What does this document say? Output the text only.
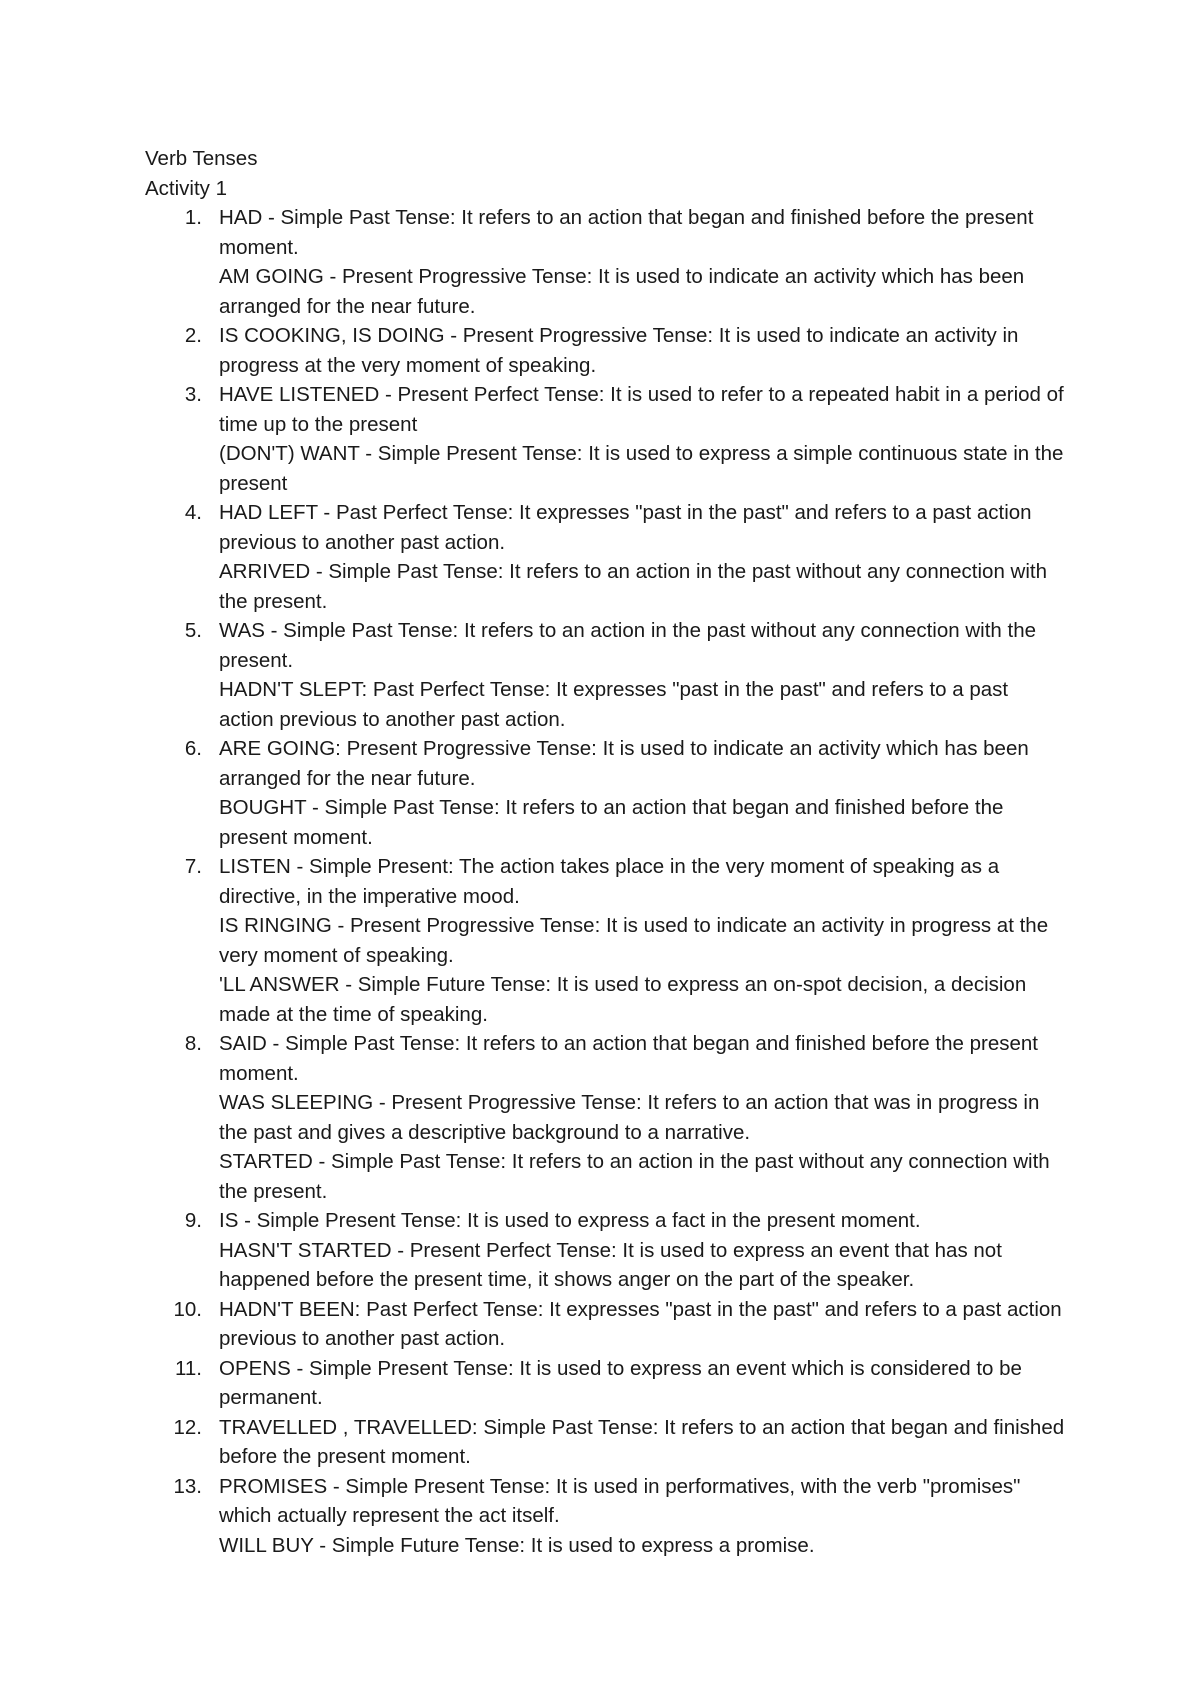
Verb Tenses
Activity 1
1. HAD - Simple Past Tense: It refers to an action that began and finished before the present moment.
AM GOING - Present Progressive Tense: It is used to indicate an activity which has been arranged for the near future.
2. IS COOKING, IS DOING - Present Progressive Tense: It is used to indicate an activity in progress at the very moment of speaking.
3. HAVE LISTENED - Present Perfect Tense: It is used to refer to a repeated habit in a period of time up to the present
(DON'T) WANT - Simple Present Tense: It is used to express a simple continuous state in the present
4. HAD LEFT - Past Perfect Tense: It expresses "past in the past" and refers to a past action previous to another past action.
ARRIVED - Simple Past Tense: It refers to an action in the past without any connection with the present.
5. WAS - Simple Past Tense: It refers to an action in the past without any connection with the present.
HADN'T SLEPT: Past Perfect Tense: It expresses "past in the past" and refers to a past action previous to another past action.
6. ARE GOING: Present Progressive Tense: It is used to indicate an activity which has been arranged for the near future.
BOUGHT - Simple Past Tense: It refers to an action that began and finished before the present moment.
7. LISTEN - Simple Present: The action takes place in the very moment of speaking as a directive, in the imperative mood.
IS RINGING - Present Progressive Tense: It is used to indicate an activity in progress at the very moment of speaking.
'LL ANSWER - Simple Future Tense: It is used to express an on-spot decision, a decision made at the time of speaking.
8. SAID - Simple Past Tense: It refers to an action that began and finished before the present moment.
WAS SLEEPING - Present Progressive Tense: It refers to an action that was in progress in the past and gives a descriptive background to a narrative.
STARTED - Simple Past Tense: It refers to an action in the past without any connection with the present.
9. IS - Simple Present Tense: It is used to express a fact in the present moment.
HASN'T STARTED - Present Perfect Tense: It is used to express an event that has not happened before the present time, it shows anger on the part of the speaker.
10. HADN'T BEEN: Past Perfect Tense: It expresses "past in the past" and refers to a past action previous to another past action.
11. OPENS - Simple Present Tense: It is used to express an event which is considered to be permanent.
12. TRAVELLED , TRAVELLED: Simple Past Tense: It refers to an action that began and finished before the present moment.
13. PROMISES - Simple Present Tense: It is used in performatives, with the verb "promises" which actually represent the act itself.
WILL BUY - Simple Future Tense: It is used to express a promise.
